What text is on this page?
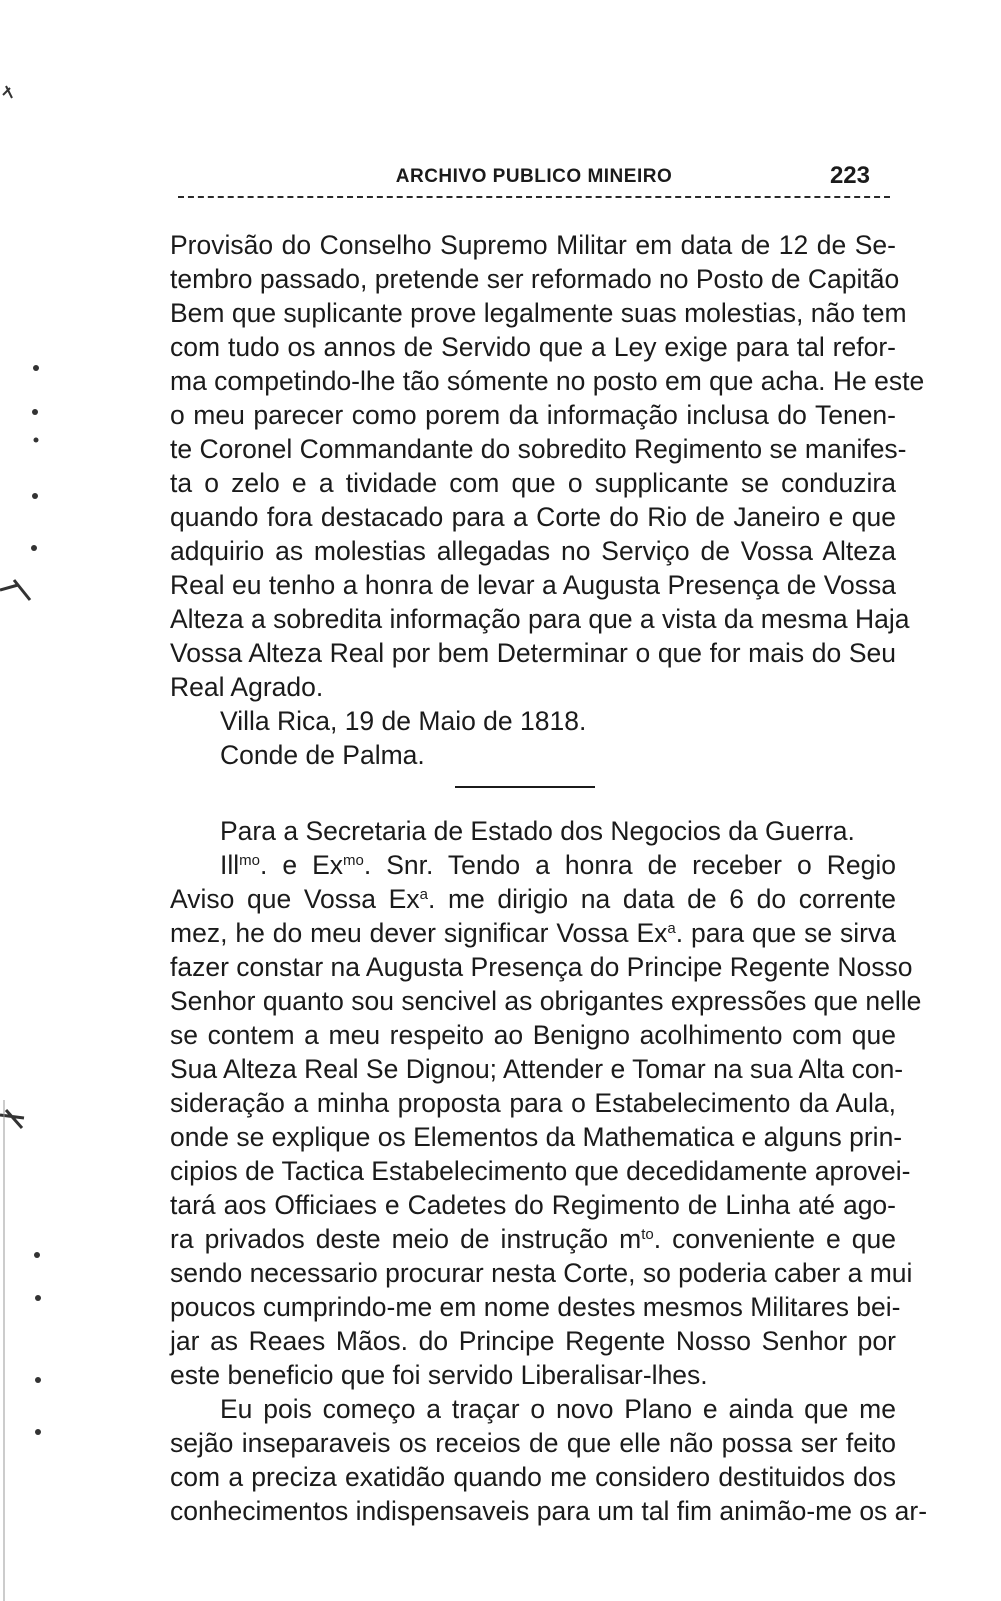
ARCHIVO PUBLICO MINEIRO	223
Provisão do Conselho Supremo Militar em data de 12 de Se-
tembro passado, pretende ser reformado no Posto de Capitão
Bem que suplicante prove legalmente suas molestias, não tem
com tudo os annos de Servido que a Ley exige para tal refor-
ma competindo-lhe tão sómente no posto em que acha. He este
o meu parecer como porem da informação inclusa do Tenen-
te Coronel Commandante do sobredito Regimento se manifes-
ta o zelo e a tividade com que o supplicante se conduzira
quando fora destacado para a Corte do Rio de Janeiro e que
adquirio as molestias allegadas no Serviço de Vossa Alteza
Real eu tenho a honra de levar a Augusta Presença de Vossa
Alteza a sobredita informação para que a vista da mesma Haja
Vossa Alteza Real por bem Determinar o que for mais do Seu
Real Agrado.
Villa Rica, 19 de Maio de 1818.
Conde de Palma.
Para a Secretaria de Estado dos Negocios da Guerra.
Ill$^{mo}$. e $Ex^{mo}$. Snr. Tendo a honra de receber o Regio
Aviso que Vossa Ex$^a$. me dirigio na data de 6 do corrente
mez, he do meu dever significar Vossa Ex$^a$. para que se sirva
fazer constar na Augusta Presença do Principe Regente Nosso
Senhor quanto sou sencivel as obrigantes expressões que nelle
se contem a meu respeito ao Benigno acolhimento com que
Sua Alteza Real Se Dignou; Attender e Tomar na sua Alta con-
sideração a minha proposta para o Estabelecimento da Aula,
onde se explique os Elementos da Mathematica e alguns prin-
cipios de Tactica Estabelecimento que decedidamente aprovei-
tará aos Officiaes e Cadetes do Regimento de Linha até ago-
ra privados deste meio de instrução $m^{to}$. conveniente e que
sendo necessario procurar nesta Corte, so poderia caber a mui
poucos cumprindo-me em nome destes mesmos Militares bei-
jar as Reaes Mãos. do Principe Regente Nosso Senhor por
este beneficio que foi servido Liberalisar-lhes.
Eu pois começo a traçar o novo Plano e ainda que me
sejão inseparaveis os receios de que elle não possa ser feito
com a preciza exatidão quando me considero destituidos dos
conhecimentos indispensaveis para um tal fim animão-me os ar-
